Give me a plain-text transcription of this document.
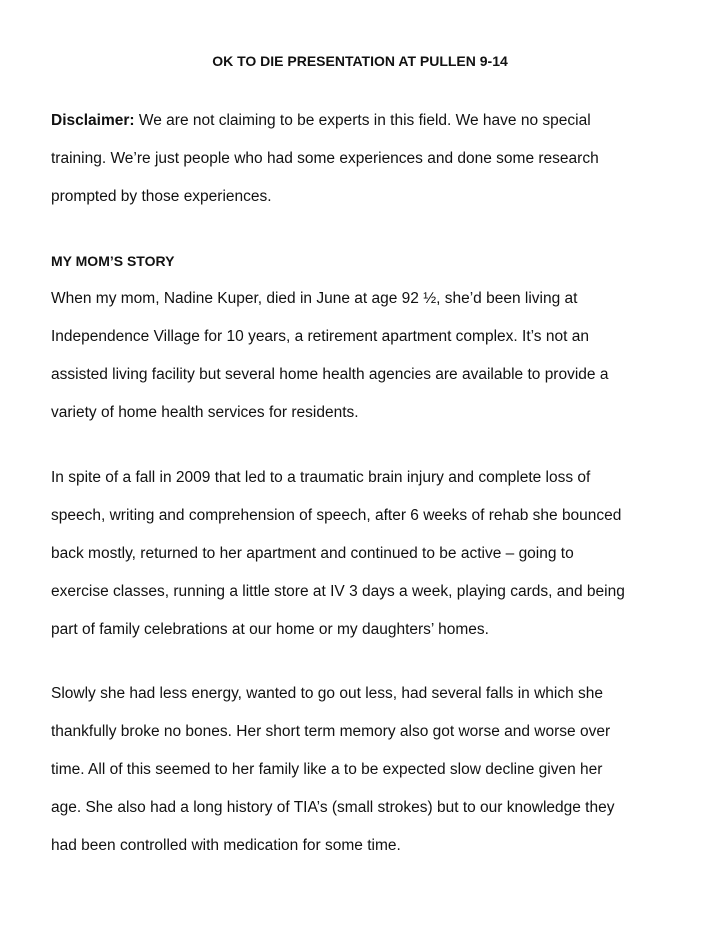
OK TO DIE PRESENTATION AT PULLEN 9-14

Disclaimer: We are not claiming to be experts in this field. We have no special

training. We’re just people who had some experiences and done some research

prompted by those experiences.

MY MOM’S STORY

When my mom, Nadine Kuper, died in June at age 92 ½, she’d been living at

Independence Village for 10 years, a retirement apartment complex. It’s not an

assisted living facility but several home health agencies are available to provide a

variety of home health services for residents.

In spite of a fall in 2009 that led to a traumatic brain injury and complete loss of

speech, writing and comprehension of speech, after 6 weeks of rehab she bounced

back mostly, returned to her apartment and continued to be active – going to

exercise classes, running a little store at IV 3 days a week, playing cards, and being

part of family celebrations at our home or my daughters’ homes.

Slowly she had less energy, wanted to go out less, had several falls in which she

thankfully broke no bones. Her short term memory also got worse and worse over

time. All of this seemed to her family like a to be expected slow decline given her

age. She also had a long history of TIA’s (small strokes) but to our knowledge they

had been controlled with medication for some time.
